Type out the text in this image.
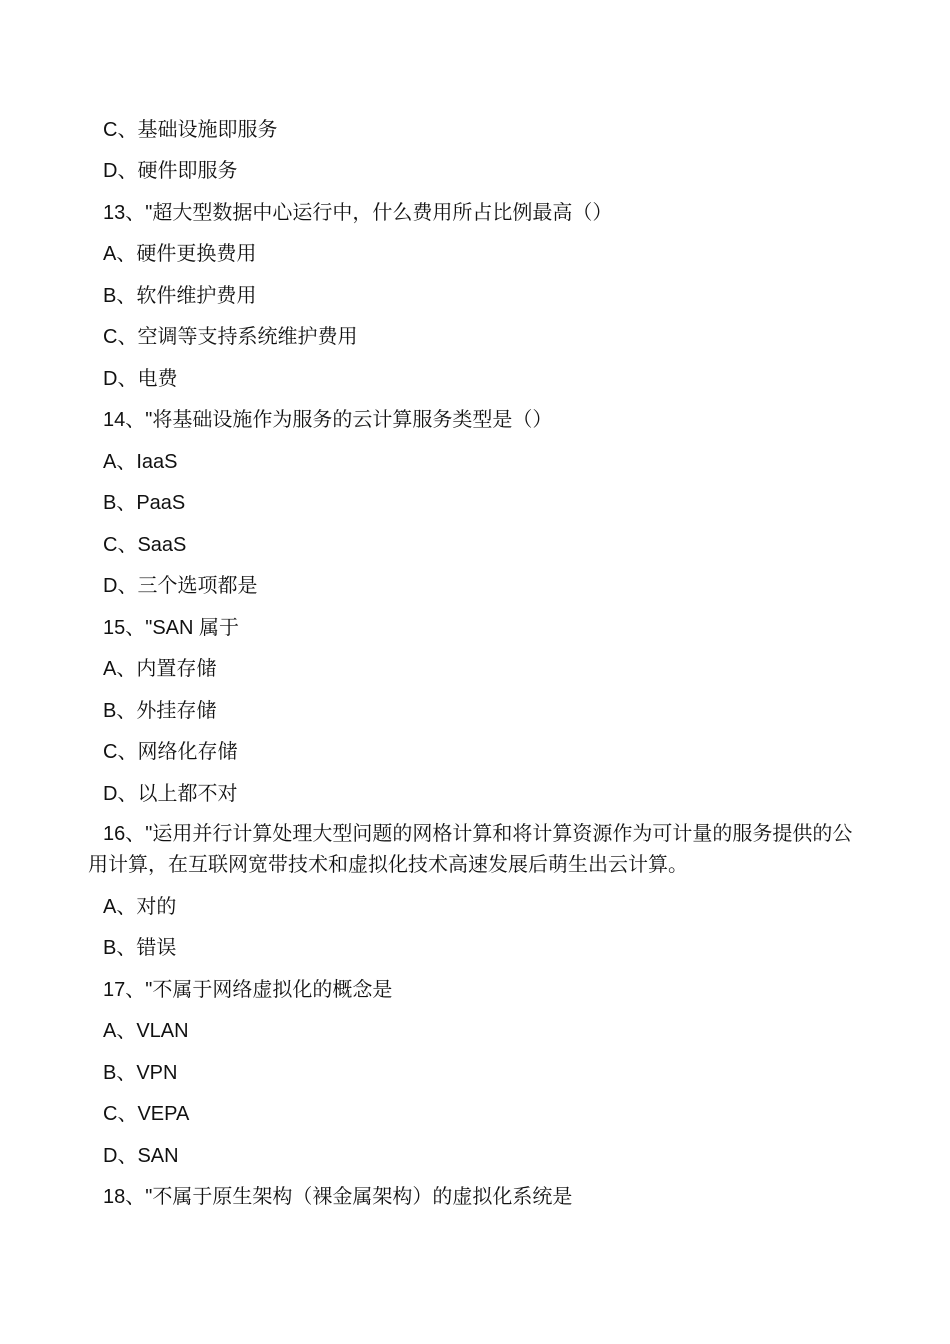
C、基础设施即服务
D、硬件即服务
13、"超大型数据中心运行中，什么费用所占比例最高（）
A、硬件更换费用
B、软件维护费用
C、空调等支持系统维护费用
D、电费
14、"将基础设施作为服务的云计算服务类型是（）
A、IaaS
B、PaaS
C、SaaS
D、三个选项都是
15、"SAN 属于
A、内置存储
B、外挂存储
C、网络化存储
D、以上都不对
16、"运用并行计算处理大型问题的网格计算和将计算资源作为可计量的服务提供的公用计算，在互联网宽带技术和虚拟化技术高速发展后萌生出云计算。
A、对的
B、错误
17、"不属于网络虚拟化的概念是
A、VLAN
B、VPN
C、VEPA
D、SAN
18、"不属于原生架构（裸金属架构）的虚拟化系统是
